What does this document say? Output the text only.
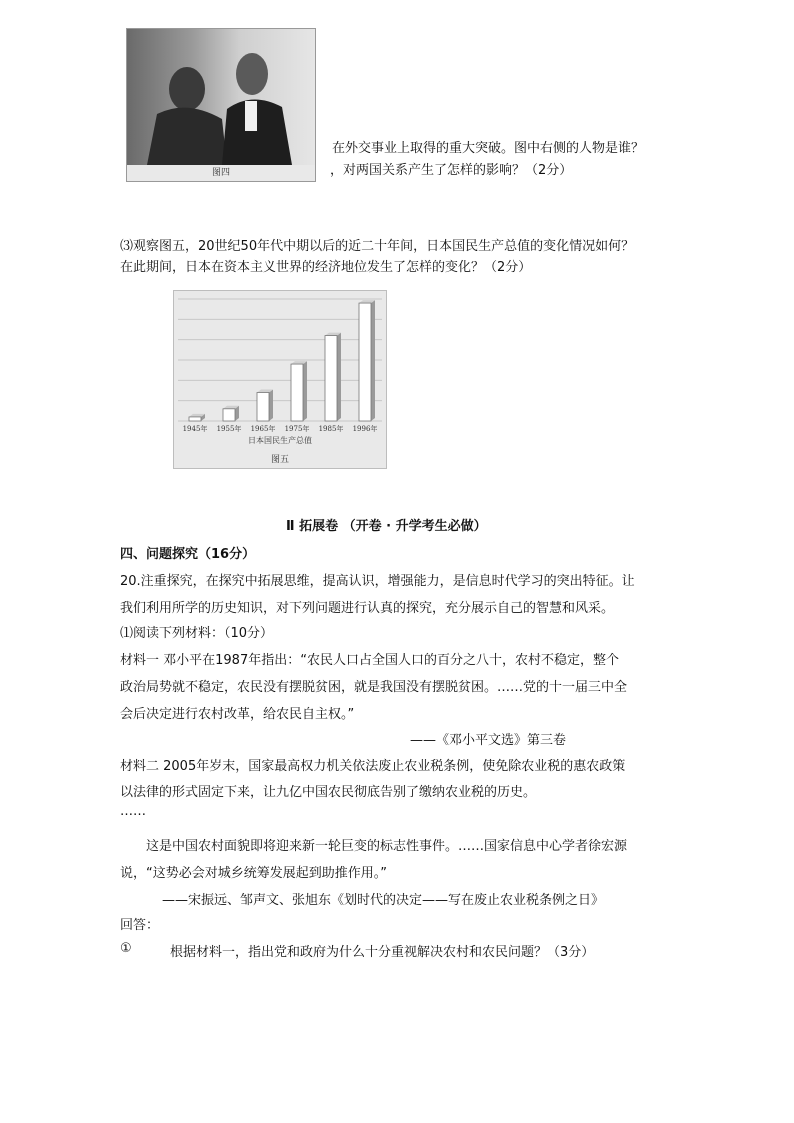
图四
在外交事业上取得的重大突破。图中右侧的人物是谁？
，对两国关系产生了怎样的影响？（2分）
⑶观察图五，20世纪50年代中期以后的近二十年间，日本国民生产总值的变化情况如何？
在此期间，日本在资本主义世界的经济地位发生了怎样的变化？（2分）
1945年 1955年 1965年 1975年 1985年 1996年
日本国民生产总值
图五
Ⅱ 拓展卷 （开卷 · 升学考生必做）
四、问题探究（16分）
20.注重探究，在探究中拓展思维，提高认识，增强能力，是信息时代学习的突出特征。让
我们利用所学的历史知识，对下列问题进行认真的探究，充分展示自己的智慧和风采。
⑴阅读下列材料：（10分）
材料一 邓小平在1987年指出：“农民人口占全国人口的百分之八十，农村不稳定，整个
政治局势就不稳定，农民没有摆脱贫困，就是我国没有摆脱贫困。……党的十一届三中全
会后决定进行农村改革，给农民自主权。”
——《邓小平文选》第三卷
材料二 2005年岁末，国家最高权力机关依法废止农业税条例，使免除农业税的惠农政策
以法律的形式固定下来，让九亿中国农民彻底告别了缴纳农业税的历史。
……
这是中国农村面貌即将迎来新一轮巨变的标志性事件。……国家信息中心学者徐宏源
说，“这势必会对城乡统筹发展起到助推作用。”
——宋振远、邹声文、张旭东《划时代的决定——写在废止农业税条例之日》
回答：
①	根据材料一，指出党和政府为什么十分重视解决农村和农民问题？（3分）
